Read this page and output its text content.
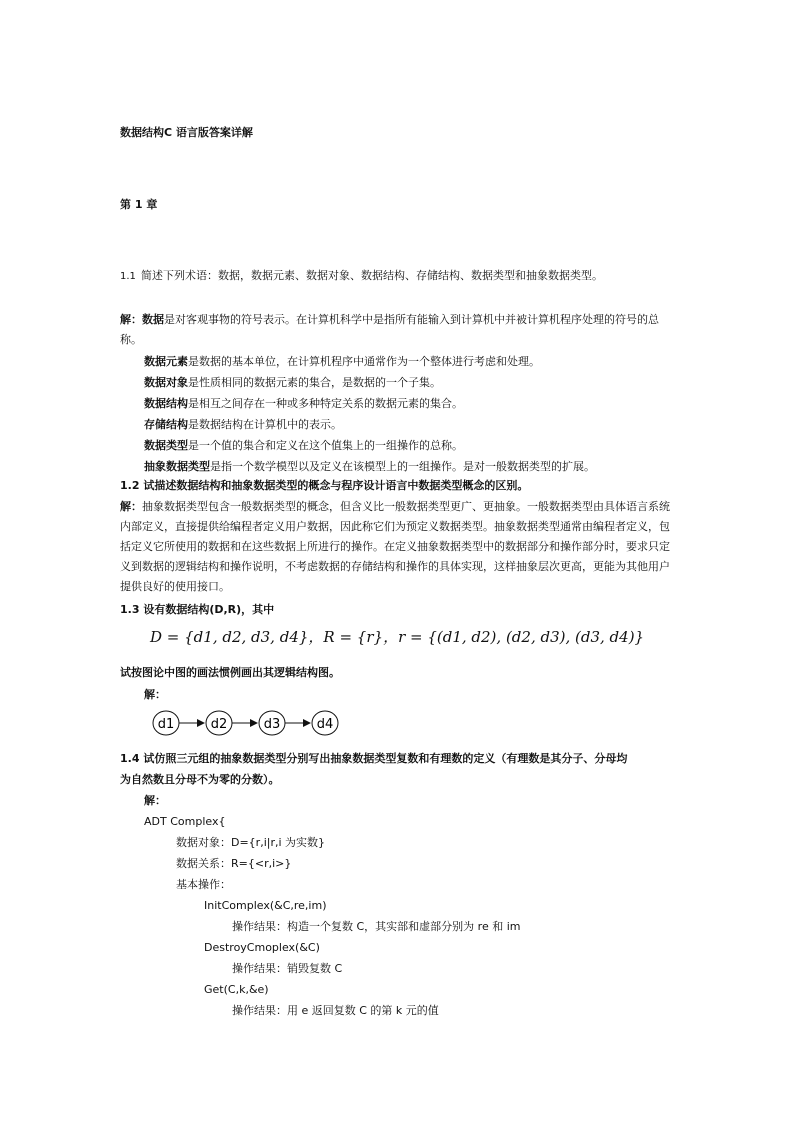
数据结构C 语言版答案详解
第 1 章
1.1 简述下列术语：数据，数据元素、数据对象、数据结构、存储结构、数据类型和抽象数据类型。
解：数据是对客观事物的符号表示。在计算机科学中是指所有能输入到计算机中并被计算机程序处理的符号的总称。
数据元素是数据的基本单位，在计算机程序中通常作为一个整体进行考虑和处理。
数据对象是性质相同的数据元素的集合，是数据的一个子集。
数据结构是相互之间存在一种或多种特定关系的数据元素的集合。
存储结构是数据结构在计算机中的表示。
数据类型是一个值的集合和定义在这个值集上的一组操作的总称。
抽象数据类型是指一个数学模型以及定义在该模型上的一组操作。是对一般数据类型的扩展。
1.2 试描述数据结构和抽象数据类型的概念与程序设计语言中数据类型概念的区别。
解：抽象数据类型包含一般数据类型的概念，但含义比一般数据类型更广、更抽象。一般数据类型由具体语言系统内部定义，直接提供给编程者定义用户数据，因此称它们为预定义数据类型。抽象数据类型通常由编程者定义，包括定义它所使用的数据和在这些数据上所进行的操作。在定义抽象数据类型中的数据部分和操作部分时，要求只定义到数据的逻辑结构和操作说明，不考虑数据的存储结构和操作的具体实现，这样抽象层次更高，更能为其他用户提供良好的使用接口。
1.3 设有数据结构(D,R)，其中
D = {d1, d2, d3, d4}，R = {r}，r = {(d1, d2), (d2, d3), (d3, d4)}
试按图论中图的画法惯例画出其逻辑结构图。
解：
d1	d2	d3	d4
1.4 试仿照三元组的抽象数据类型分别写出抽象数据类型复数和有理数的定义（有理数是其分子、分母均
为自然数且分母不为零的分数）。
解：
ADT Complex{
数据对象：D={r,i|r,i 为实数}
数据关系：R={<r,i>}
基本操作：
InitComplex(&C,re,im)
操作结果：构造一个复数 C，其实部和虚部分别为 re 和 im
DestroyCmoplex(&C)
操作结果：销毁复数 C
Get(C,k,&e)
操作结果：用 e 返回复数 C 的第 k 元的值
